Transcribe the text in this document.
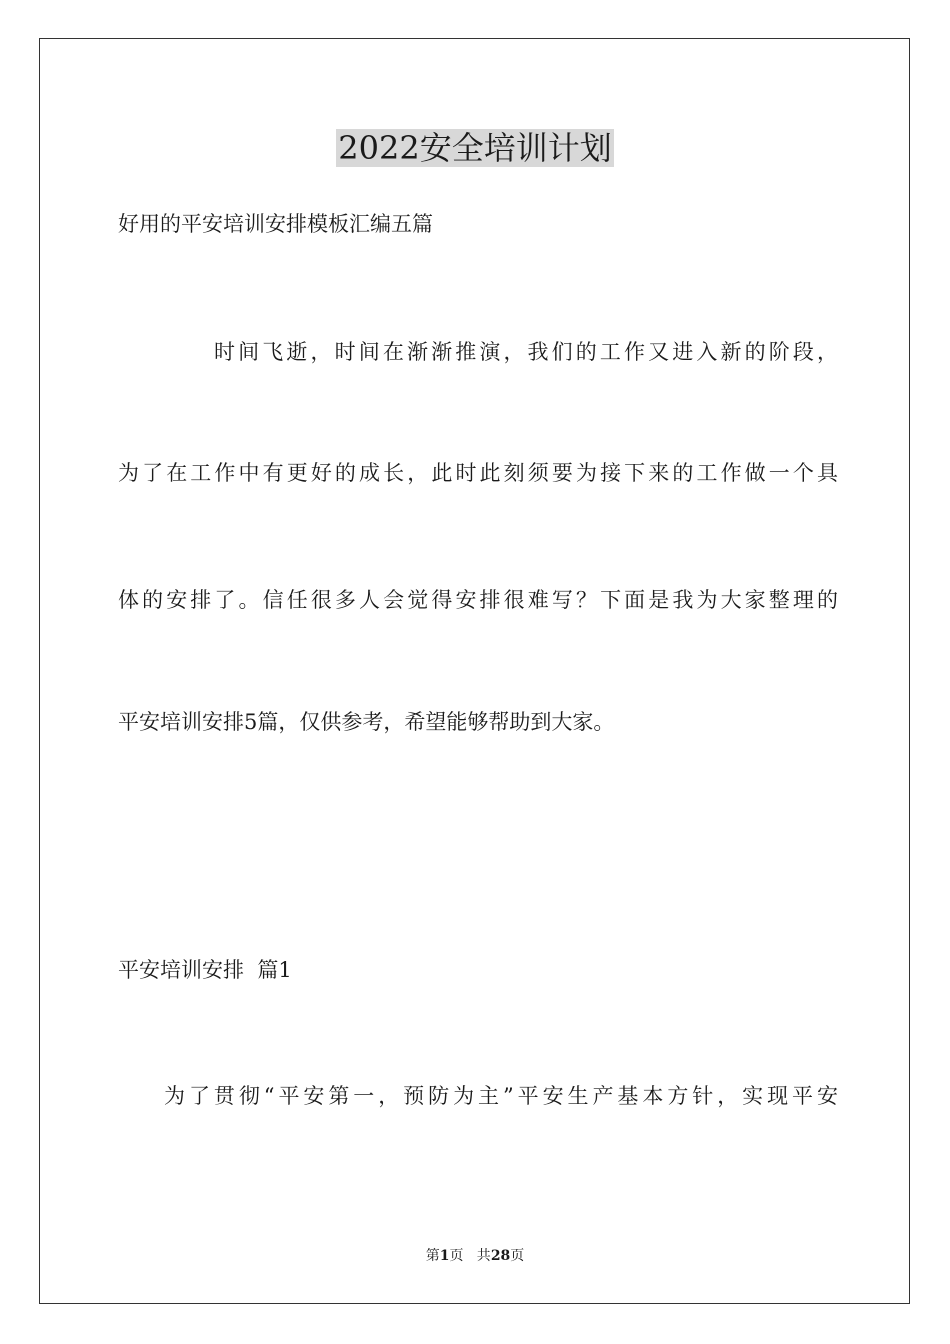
2022安全培训计划
好用的平安培训安排模板汇编五篇
时间飞逝，时间在渐渐推演，我们的工作又进入新的阶段，
为了在工作中有更好的成长，此时此刻须要为接下来的工作做一个具
体的安排了。信任很多人会觉得安排很难写？下面是我为大家整理的
平安培训安排5篇，仅供参考，希望能够帮助到大家。
平安培训安排  篇1
为了贯彻“平安第一，预防为主”平安生产基本方针，实现平安
第1页   共28页
